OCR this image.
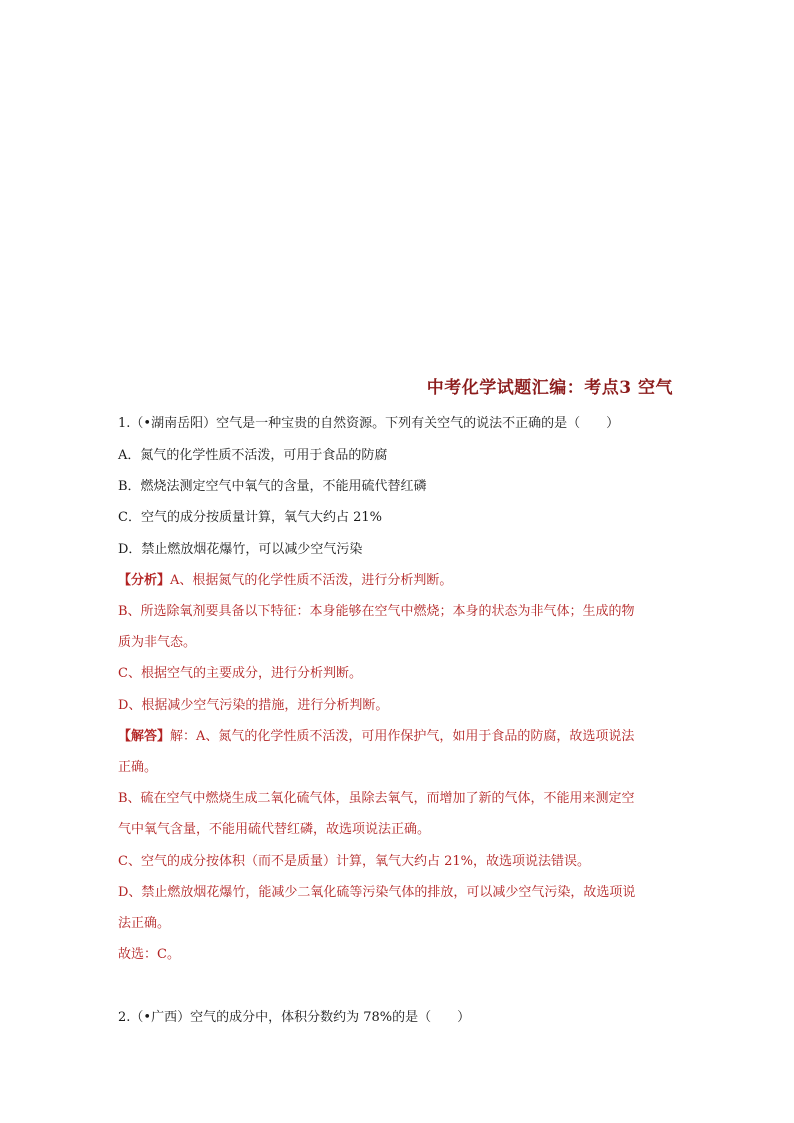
中考化学试题汇编：考点3 空气
1.（•湖南岳阳）空气是一种宝贵的自然资源。下列有关空气的说法不正确的是（ ）
A．氮气的化学性质不活泼，可用于食品的防腐
B．燃烧法测定空气中氧气的含量，不能用硫代替红磷
C．空气的成分按质量计算，氧气大约占 21%
D．禁止燃放烟花爆竹，可以减少空气污染
【分析】A、根据氮气的化学性质不活泼，进行分析判断。
B、所选除氧剂要具备以下特征：本身能够在空气中燃烧；本身的状态为非气体；生成的物
质为非气态。
C、根据空气的主要成分，进行分析判断。
D、根据减少空气污染的措施，进行分析判断。
【解答】解：A、氮气的化学性质不活泼，可用作保护气，如用于食品的防腐，故选项说法
正确。
B、硫在空气中燃烧生成二氧化硫气体，虽除去氧气，而增加了新的气体，不能用来测定空
气中氧气含量，不能用硫代替红磷，故选项说法正确。
C、空气的成分按体积（而不是质量）计算，氧气大约占 21%，故选项说法错误。
D、禁止燃放烟花爆竹，能减少二氧化硫等污染气体的排放，可以减少空气污染，故选项说
法正确。
故选：C。
2.（•广西）空气的成分中，体积分数约为 78%的是（ ）
